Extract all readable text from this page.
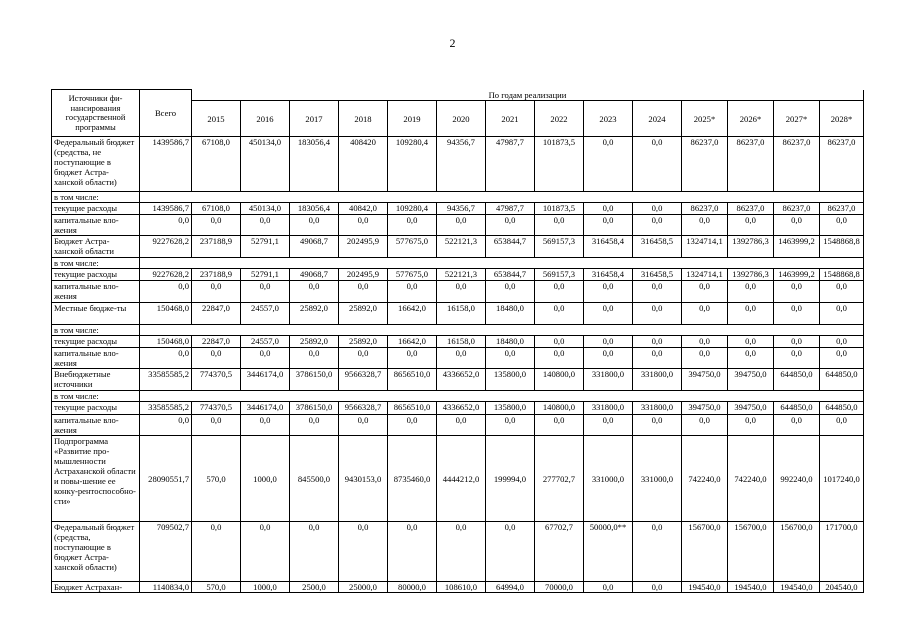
2
Источники фи-нансирования государственной программы	Всего	По годам реализации													
		2015	2016	2017	2018	2019	2020	2021	2022	2023	2024	2025*	2026*	2027*	2028*
Федеральный бюджет (средства, не поступающие в бюджет Астра-ханской области)	1439586,7	67108,0	450134,0	183056,4	408420	109280,4	94356,7	47987,7	101873,5	0,0	0,0	86237,0	86237,0	86237,0	86237,0
в том числе:															
текущие расходы	1439586,7	67108,0	450134,0	183056,4	40842,0	109280,4	94356,7	47987,7	101873,5	0,0	0,0	86237,0	86237,0	86237,0	86237,0
капитальные вло-жения	0,0	0,0	0,0	0,0	0,0	0,0	0,0	0,0	0,0	0,0	0,0	0,0	0,0	0,0	0,0
Бюджет Астра-ханской области	9227628,2	237188,9	52791,1	49068,7	202495,9	577675,0	522121,3	653844,7	569157,3	316458,4	316458,5	1324714,1	1392786,3	1463999,2	1548868,8
в том числе:															
текущие расходы	9227628,2	237188,9	52791,1	49068,7	202495,9	577675,0	522121,3	653844,7	569157,3	316458,4	316458,5	1324714,1	1392786,3	1463999,2	1548868,8
капитальные вло-жения	0,0	0,0	0,0	0,0	0,0	0,0	0,0	0,0	0,0	0,0	0,0	0,0	0,0	0,0	0,0
Местные бюдже-ты	150468,0	22847,0	24557,0	25892,0	25892,0	16642,0	16158,0	18480,0	0,0	0,0	0,0	0,0	0,0	0,0	0,0
в том числе:															
текущие расходы	150468,0	22847,0	24557,0	25892,0	25892,0	16642,0	16158,0	18480,0	0,0	0,0	0,0	0,0	0,0	0,0	0,0
капитальные вло-жения	0,0	0,0	0,0	0,0	0,0	0,0	0,0	0,0	0,0	0,0	0,0	0,0	0,0	0,0	0,0
Внебюджетные источники	33585585,2	774370,5	3446174,0	3786150,0	9566328,7	8656510,0	4336652,0	135800,0	140800,0	331800,0	331800,0	394750,0	394750,0	644850,0	644850,0
в том числе:															
текущие расходы	33585585,2	774370,5	3446174,0	3786150,0	9566328,7	8656510,0	4336652,0	135800,0	140800,0	331800,0	331800,0	394750,0	394750,0	644850,0	644850,0
капитальные вло-жения	0,0	0,0	0,0	0,0	0,0	0,0	0,0	0,0	0,0	0,0	0,0	0,0	0,0	0,0	0,0
Подпрограмма «Развитие про-мышленности Астраханской области и повы-шение ее конку-рентоспособно-сти»	28090551,7	570,0	1000,0	845500,0	9430153,0	8735460,0	4444212,0	199994,0	277702,7	331000,0	331000,0	742240,0	742240,0	992240,0	1017240,0
Федеральный бюджет (средства, поступающие в бюджет Астра-ханской области)	709502,7	0,0	0,0	0,0	0,0	0,0	0,0	0,0	67702,7	50000,0**	0,0	156700,0	156700,0	156700,0	171700,0
Бюджет Астрахан-	1140834,0	570,0	1000,0	2500,0	25000,0	80000,0	108610,0	64994,0	70000,0	0,0	0,0	194540,0	194540,0	194540,0	204540,0
